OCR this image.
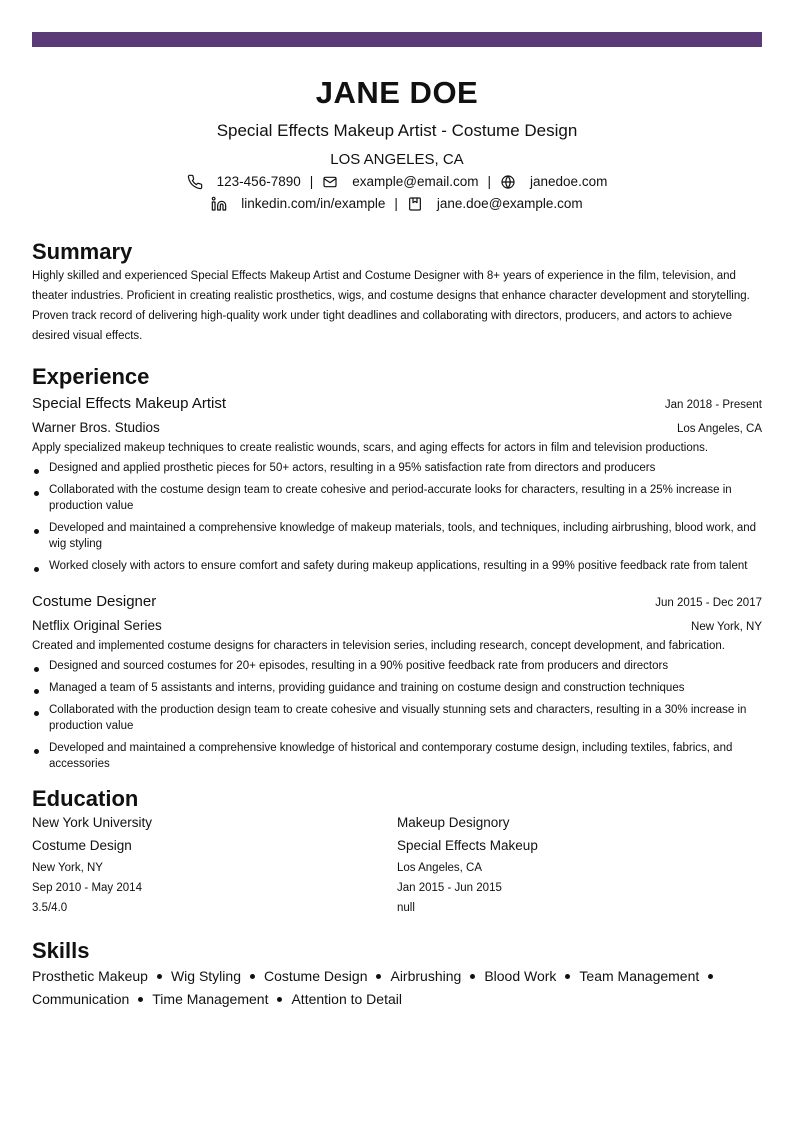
JANE DOE
Special Effects Makeup Artist - Costume Design
LOS ANGELES, CA
123-456-7890 |	example@email.com |	janedoe.com
linkedin.com/in/example |	jane.doe@example.com
Summary
Highly skilled and experienced Special Effects Makeup Artist and Costume Designer with 8+ years of experience in the film, television, and theater industries. Proficient in creating realistic prosthetics, wigs, and costume designs that enhance character development and storytelling. Proven track record of delivering high-quality work under tight deadlines and collaborating with directors, producers, and actors to achieve desired visual effects.
Experience
Special Effects Makeup Artist	Jan 2018 - Present
Warner Bros. Studios	Los Angeles, CA
Apply specialized makeup techniques to create realistic wounds, scars, and aging effects for actors in film and television productions.
Designed and applied prosthetic pieces for 50+ actors, resulting in a 95% satisfaction rate from directors and producers
Collaborated with the costume design team to create cohesive and period-accurate looks for characters, resulting in a 25% increase in production value
Developed and maintained a comprehensive knowledge of makeup materials, tools, and techniques, including airbrushing, blood work, and wig styling
Worked closely with actors to ensure comfort and safety during makeup applications, resulting in a 99% positive feedback rate from talent
Costume Designer	Jun 2015 - Dec 2017
Netflix Original Series	New York, NY
Created and implemented costume designs for characters in television series, including research, concept development, and fabrication.
Designed and sourced costumes for 20+ episodes, resulting in a 90% positive feedback rate from producers and directors
Managed a team of 5 assistants and interns, providing guidance and training on costume design and construction techniques
Collaborated with the production design team to create cohesive and visually stunning sets and characters, resulting in a 30% increase in production value
Developed and maintained a comprehensive knowledge of historical and contemporary costume design, including textiles, fabrics, and accessories
Education
New York University
Costume Design
New York, NY
Sep 2010 - May 2014
3.5/4.0
Makeup Designory
Special Effects Makeup
Los Angeles, CA
Jan 2015 - Jun 2015
null
Skills
Prosthetic Makeup Wig Styling Costume Design Airbrushing Blood Work Team Management
Communication Time Management Attention to Detail
